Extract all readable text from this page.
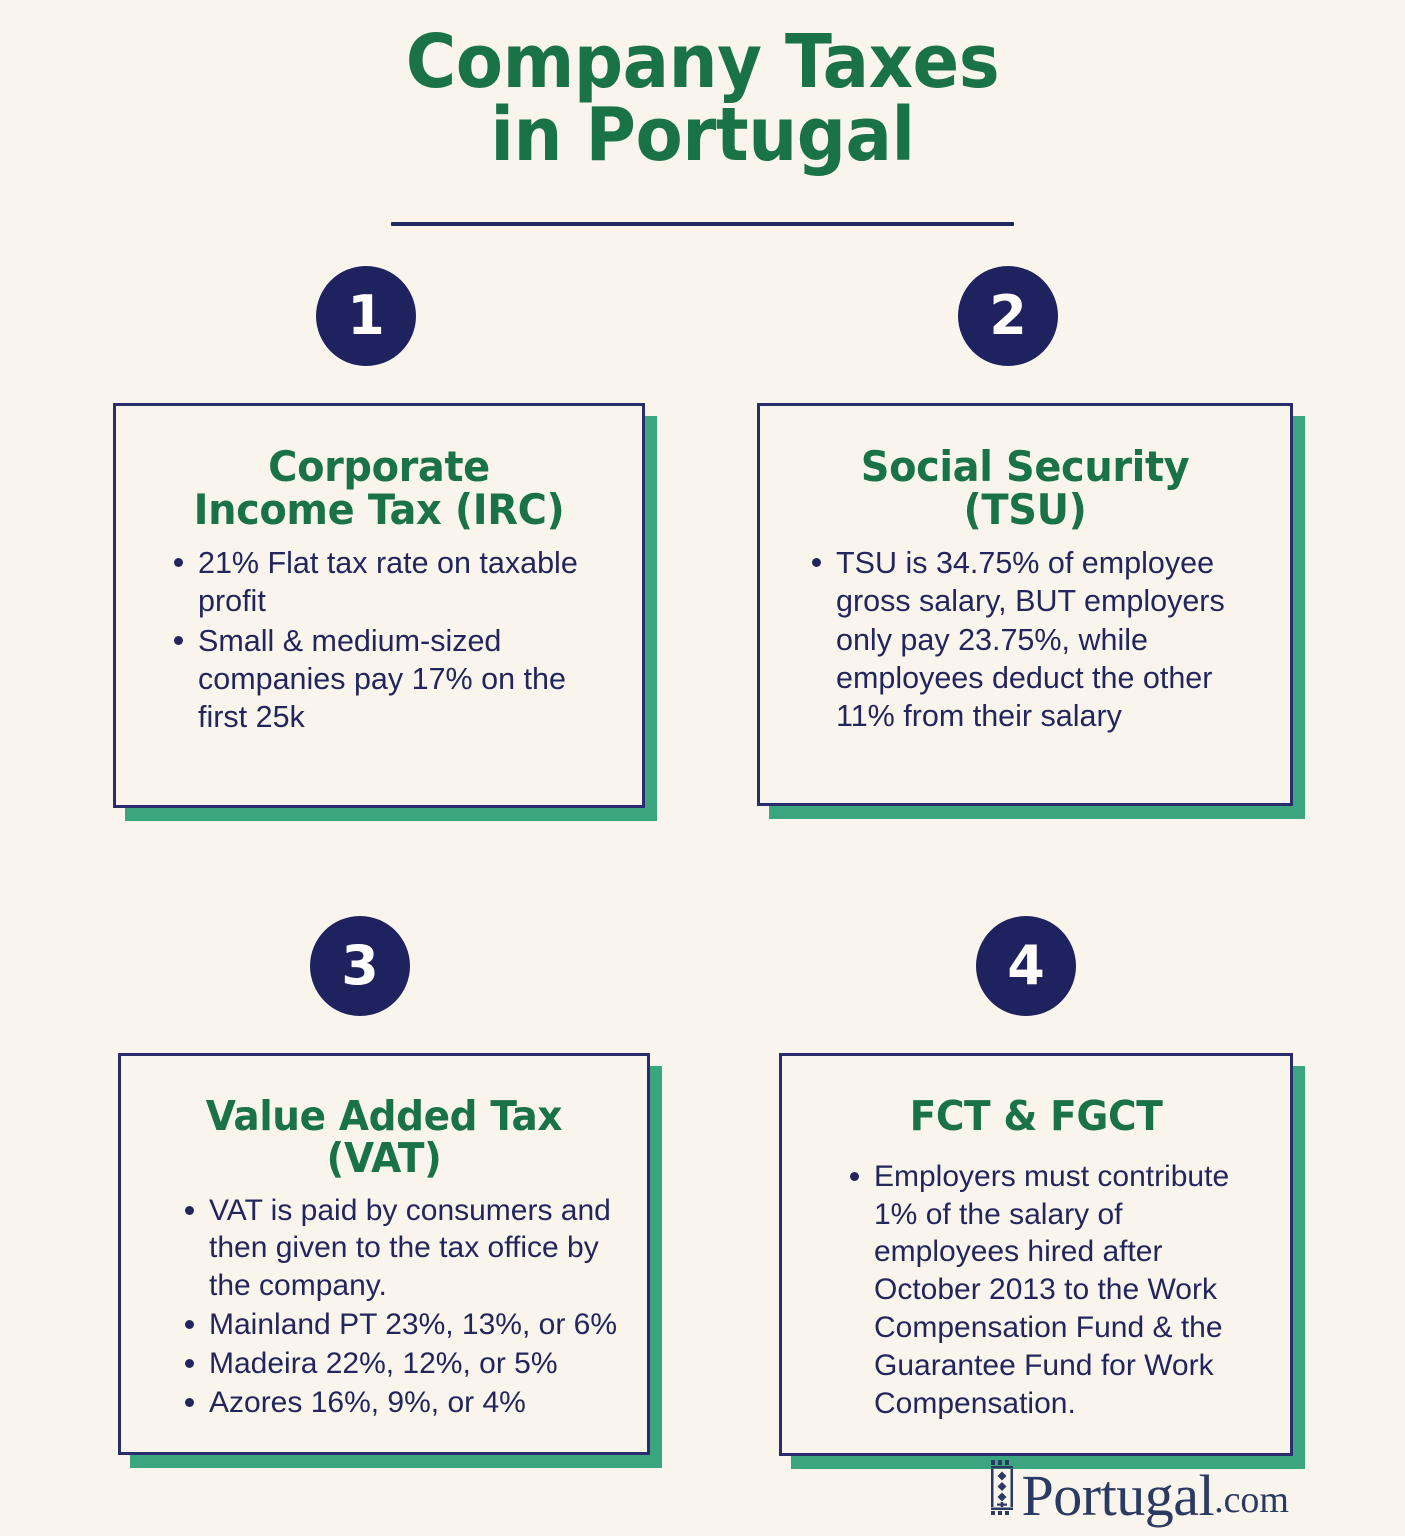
Company Taxes
in Portugal
1
Corporate
Income Tax (IRC)
21% Flat tax rate on taxable profit
Small & medium-sized companies pay 17% on the first 25k
2
Social Security
(TSU)
TSU is 34.75% of employee gross salary, BUT employers only pay 23.75%, while employees deduct the other 11% from their salary
3
Value Added Tax
(VAT)
VAT is paid by consumers and then given to the tax office by the company.
Mainland PT 23%, 13%, or 6%
Madeira 22%, 12%, or 5%
Azores 16%, 9%, or 4%
4
FCT & FGCT
Employers must contribute 1% of the salary of employees hired after October 2013 to the Work Compensation Fund & the Guarantee Fund for Work Compensation.
Portugal .com
